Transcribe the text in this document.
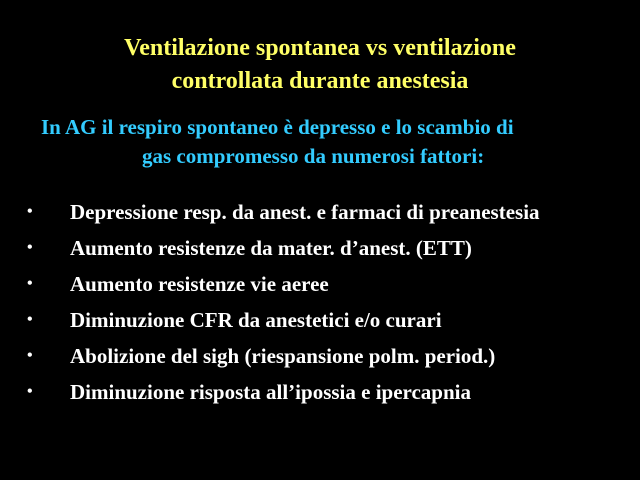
Ventilazione spontanea vs ventilazione
controllata durante anestesia
In AG il respiro spontaneo è depresso e lo scambio di
gas compromesso da numerosi fattori:
• Depressione resp. da anest. e farmaci di preanestesia
• Aumento resistenze da mater. d’anest. (ETT)
• Aumento resistenze vie aeree
• Diminuzione CFR da anestetici e/o curari
• Abolizione del sigh (riespansione polm. period.)
• Diminuzione risposta all’ipossia e ipercapnia
